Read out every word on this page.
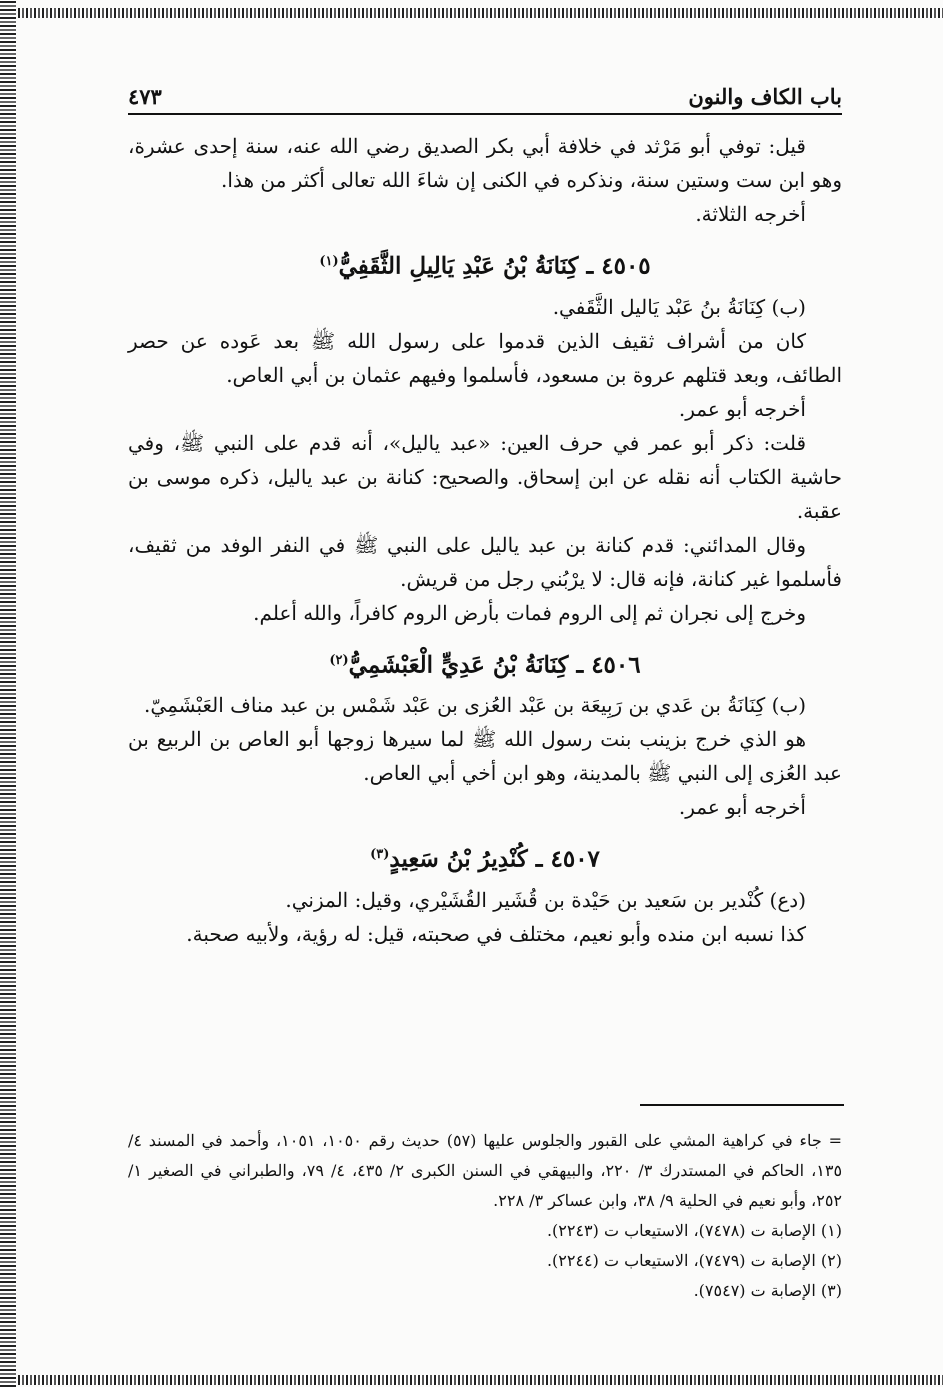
باب الكاف والنون
٤٧٣

قيل: توفي أبو مَرْثد في خلافة أبي بكر الصديق رضي الله عنه، سنة إحدى عشرة، وهو ابن ست وستين سنة، ونذكره في الكنى إن شاءَ الله تعالى أكثر من هذا.

أخرجه الثلاثة.

٤٥٠٥ ـ كِنَانَةُ بْنُ عَبْدِ يَالِيلِ الثَّقَفِيُّ$^{(١)}$

(ب) كِنَانَةُ بنُ عَبْد يَاليل الثَّقَفي.

كان من أشراف ثقيف الذين قدموا على رسول الله ﷺ بعد عَوده عن حصر الطائف، وبعد قتلهم عروة بن مسعود، فأسلموا وفيهم عثمان بن أبي العاص.

أخرجه أبو عمر.

قلت: ذكر أبو عمر في حرف العين: «عبد ياليل»، أنه قدم على النبي ﷺ، وفي حاشية الكتاب أنه نقله عن ابن إسحاق. والصحيح: كنانة بن عبد ياليل، ذكره موسى بن عقبة.

وقال المدائني: قدم كنانة بن عبد ياليل على النبي ﷺ في النفر الوفد من ثقيف، فأسلموا غير كنانة، فإنه قال: لا يرْبُني رجل من قريش.

وخرج إلى نجران ثم إلى الروم فمات بأرض الروم كافراً، والله أعلم.

٤٥٠٦ ـ كِنَانَةُ بْنُ عَدِيٍّ الْعَبْشَمِيُّ$^{(٢)}$

(ب) كِنَانَةُ بن عَدي بن رَبِيعَة بن عَبْد العُزى بن عَبْد شَمْس بن عبد مناف العَبْشَمِيّ.

هو الذي خرج بزينب بنت رسول الله ﷺ لما سيرها زوجها أبو العاص بن الربيع بن عبد العُزى إلى النبي ﷺ بالمدينة، وهو ابن أخي أبي العاص.

أخرجه أبو عمر.

٤٥٠٧ ـ كُنْدِيرُ بْنُ سَعِيدٍ$^{(٣)}$

(دع) كُنْدير بن سَعيد بن حَيْدة بن قُشَير القُشَيْري، وقيل: المزني.

كذا نسبه ابن منده وأبو نعيم، مختلف في صحبته، قيل: له رؤية، ولأبيه صحبة.

= جاء في كراهية المشي على القبور والجلوس عليها (٥٧) حديث رقم ١٠٥٠، ١٠٥١، وأحمد في المسند ٤/ ١٣٥، الحاكم في المستدرك ٣/ ٢٢٠، والبيهقي في السنن الكبرى ٢/ ٤٣٥، ٤/ ٧٩، والطبراني في الصغير ١/ ٢٥٢، وأبو نعيم في الحلية ٩/ ٣٨، وابن عساكر ٣/ ٢٢٨.

(١) الإصابة ت (٧٤٧٨)، الاستيعاب ت (٢٢٤٣).

(٢) الإصابة ت (٧٤٧٩)، الاستيعاب ت (٢٢٤٤).

(٣) الإصابة ت (٧٥٤٧).
